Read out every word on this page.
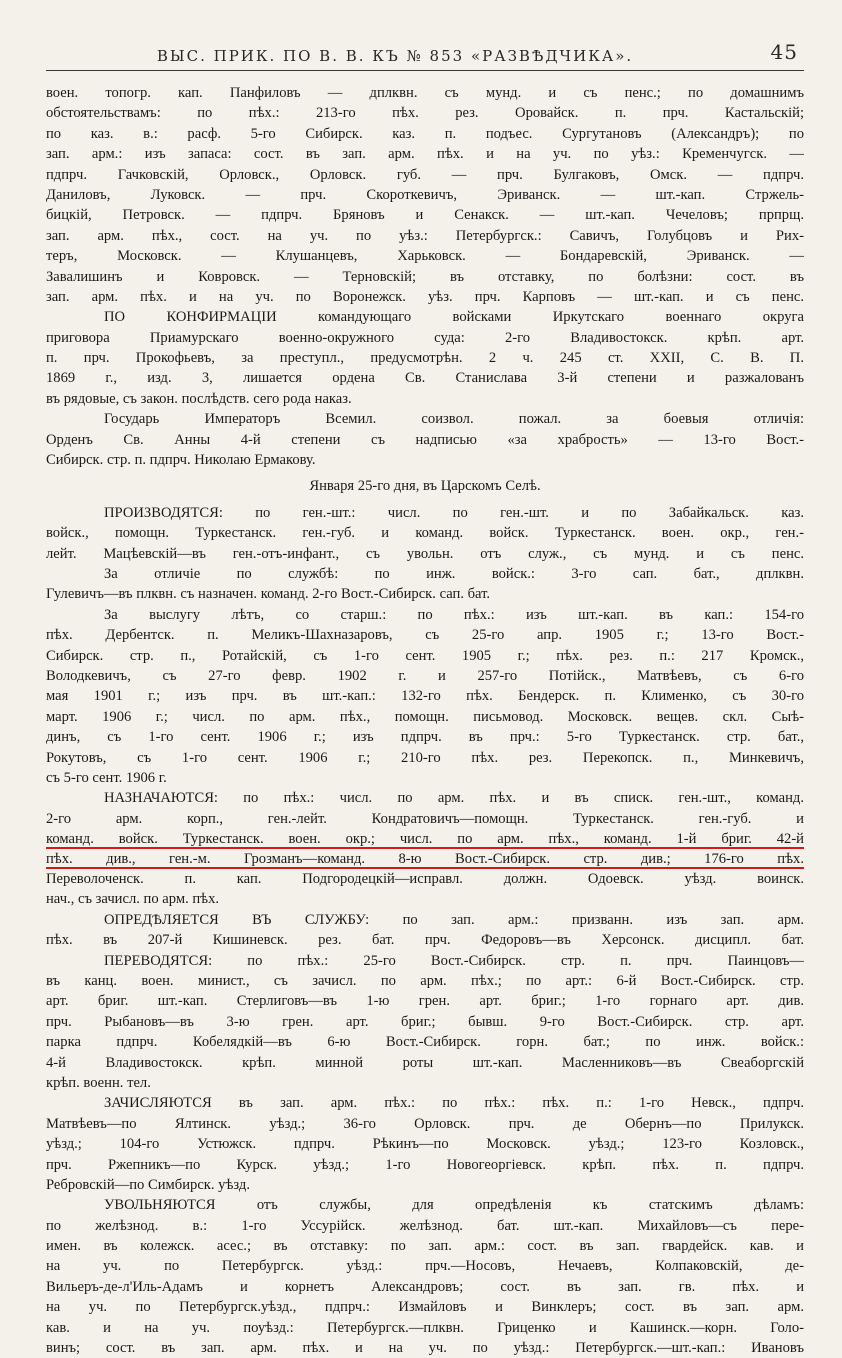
ВЫС. ПРИК. ПО В. В. КЪ № 853 «РАЗВѢДЧИКА».	45
воен. топогр. кап. Панфиловъ — дплквн. съ мунд. и съ пенс.; по домашнимъ
обстоятельствамъ: по пѣх.: 213-го пѣх. рез. Оровайск. п. прч. Кастальскій;
по каз. в.: расф. 5-го Сибирск. каз. п. подъес. Сургутановъ (Александръ); по
зап. арм.: изъ запаса: сост. въ зап. арм. пѣх. и на уч. по уѣз.: Кременчугск. —
пдпрч. Гачковскій, Орловск., Орловск. губ. — прч. Булгаковъ, Омск. — пдпрч.
Даниловъ, Луковск. — прч. Скороткевичъ, Эриванск. — шт.-кап. Стржель-
бицкій, Петровск. — пдпрч. Бряновъ и Сенакск. — шт.-кап. Чечеловъ; прпрщ.
зап. арм. пѣх., сост. на уч. по уѣз.: Петербургск.: Савичъ, Голубцовъ и Рих-
теръ, Московск. — Клушанцевъ, Харьковск. — Бондаревскій, Эриванск. —
Завалишинъ и Ковровск. — Терновскій; въ отставку, по болѣзни: сост. въ
зап. арм. пѣх. и на уч. по Воронежск. уѣз. прч. Карповъ — шт.-кап. и съ пенс.
ПО КОНФИРМАЦІИ командующаго войсками Иркутскаго военнаго округа
приговора Приамурскаго военно-окружного суда: 2-го Владивостокск. крѣп. арт.
п. прч. Прокофьевъ, за преступл., предусмотрѣн. 2 ч. 245 ст. XXII, С. В. П.
1869 г., изд. 3, лишается ордена Св. Станислава 3-й степени и разжалованъ
въ рядовые, съ закон. послѣдств. сего рода наказ.
Государь Императоръ Всемил. соизвол. пожал. за боевыя отличія:
Орденъ Св. Анны 4-й степени съ надписью «за храбрость» — 13-го Вост.-
Сибирск. стр. п. пдпрч. Николаю Ермакову.
Января 25-го дня, въ Царскомъ Селѣ.
ПРОИЗВОДЯТСЯ: по ген.-шт.: числ. по ген.-шт. и по Забайкальск. каз.
войск., помощн. Туркестанск. ген.-губ. и команд. войск. Туркестанск. воен. окр., ген.-
лейт. Мацѣевскій—въ ген.-отъ-инфант., съ увольн. отъ служ., съ мунд. и съ пенс.
За отличіе по службѣ: по инж. войск.: 3-го сап. бат., дплквн.
Гулевичъ—въ плквн. съ назначен. команд. 2-го Вост.-Сибирск. сап. бат.
За выслугу лѣтъ, со старш.: по пѣх.: изъ шт.-кап. въ кап.: 154-го
пѣх. Дербентск. п. Меликъ-Шахназаровъ, съ 25-го апр. 1905 г.; 13-го Вост.-
Сибирск. стр. п., Ротайскій, съ 1-го сент. 1905 г.; пѣх. рез. п.: 217 Кромск.,
Володкевичъ, съ 27-го февр. 1902 г. и 257-го Потійск., Матвѣевъ, съ 6-го
мая 1901 г.; изъ прч. въ шт.-кап.: 132-го пѣх. Бендерск. п. Клименко, съ 30-го
март. 1906 г.; числ. по арм. пѣх., помощн. письмовод. Московск. вещев. скл. Сыѣ-
динъ, съ 1-го сент. 1906 г.; изъ пдпрч. въ прч.: 5-го Туркестанск. стр. бат.,
Рокутовъ, съ 1-го сент. 1906 г.; 210-го пѣх. рез. Перекопск. п., Минкевичъ,
съ 5-го сент. 1906 г.
НАЗНАЧАЮТСЯ: по пѣх.: числ. по арм. пѣх. и въ списк. ген.-шт., команд.
2-го арм. корп., ген.-лейт. Кондратовичъ—помощн. Туркестанск. ген.-губ. и
команд. войск. Туркестанск. воен. окр.; числ. по арм. пѣх., команд. 1-й бриг. 42-й
пѣх. див., ген.-м. Грозманъ—команд. 8-ю Вост.-Сибирск. стр. див.; 176-го пѣх.
Переволоченск. п. кап. Подгородецкій—исправл. должн. Одоевск. уѣзд. воинск.
нач., съ зачисл. по арм. пѣх.
ОПРЕДѢЛЯЕТСЯ ВЪ СЛУЖБУ: по зап. арм.: призванн. изъ зап. арм.
пѣх. въ 207-й Кишиневск. рез. бат. прч. Федоровъ—въ Херсонск. дисципл. бат.
ПЕРЕВОДЯТСЯ: по пѣх.: 25-го Вост.-Сибирск. стр. п. прч. Паинцовъ—
въ канц. воен. минист., съ зачисл. по арм. пѣх.; по арт.: 6-й Вост.-Сибирск. стр.
арт. бриг. шт.-кап. Стерлиговъ—въ 1-ю грен. арт. бриг.; 1-го горнаго арт. див.
прч. Рыбановъ—въ 3-ю грен. арт. бриг.; бывш. 9-го Вост.-Сибирск. стр. арт.
парка пдпрч. Кобелядкій—въ 6-ю Вост.-Сибирск. горн. бат.; по инж. войск.:
4-й Владивостокск. крѣп. минной роты шт.-кап. Масленниковъ—въ Свеаборгскій
крѣп. военн. тел.
ЗАЧИСЛЯЮТСЯ въ зап. арм. пѣх.: по пѣх.: пѣх. п.: 1-го Невск., пдпрч.
Матвѣевъ—по Ялтинск. уѣзд.; 36-го Орловск. прч. де Обернъ—по Прилукск.
уѣзд.; 104-го Устюжск. пдпрч. Рѣкинъ—по Московск. уѣзд.; 123-го Козловск.,
прч. Ржепникъ—по Курск. уѣзд.; 1-го Новогеоргіевск. крѣп. пѣх. п. пдпрч.
Ребровскій—по Симбирск. уѣзд.
УВОЛЬНЯЮТСЯ отъ службы, для опредѣленія къ статскимъ дѣламъ:
по желѣзнод. в.: 1-го Уссурійск. желѣзнод. бат. шт.-кап. Михайловъ—съ пере-
имен. въ колежск. асес.; въ отставку: по зап. арм.: сост. въ зап. гвардейск. кав. и
на уч. по Петербургск. уѣзд.: прч.—Носовъ, Нечаевъ, Колпаковскій, де-
Вильеръ-де-л'Иль-Адамъ и корнетъ Александровъ; сост. въ зап. гв. пѣх. и
на уч. по Петербургск.уѣзд., пдпрч.: Измайловъ и Винклеръ; сост. въ зап. арм.
кав. и на уч. поуѣзд.: Петербургск.—плквн. Гриценко и Кашинск.—корн. Голо-
винъ; сост. въ зап. арм. пѣх. и на уч. по уѣзд.: Петербургск.—шт.-кап.: Ивановъ
